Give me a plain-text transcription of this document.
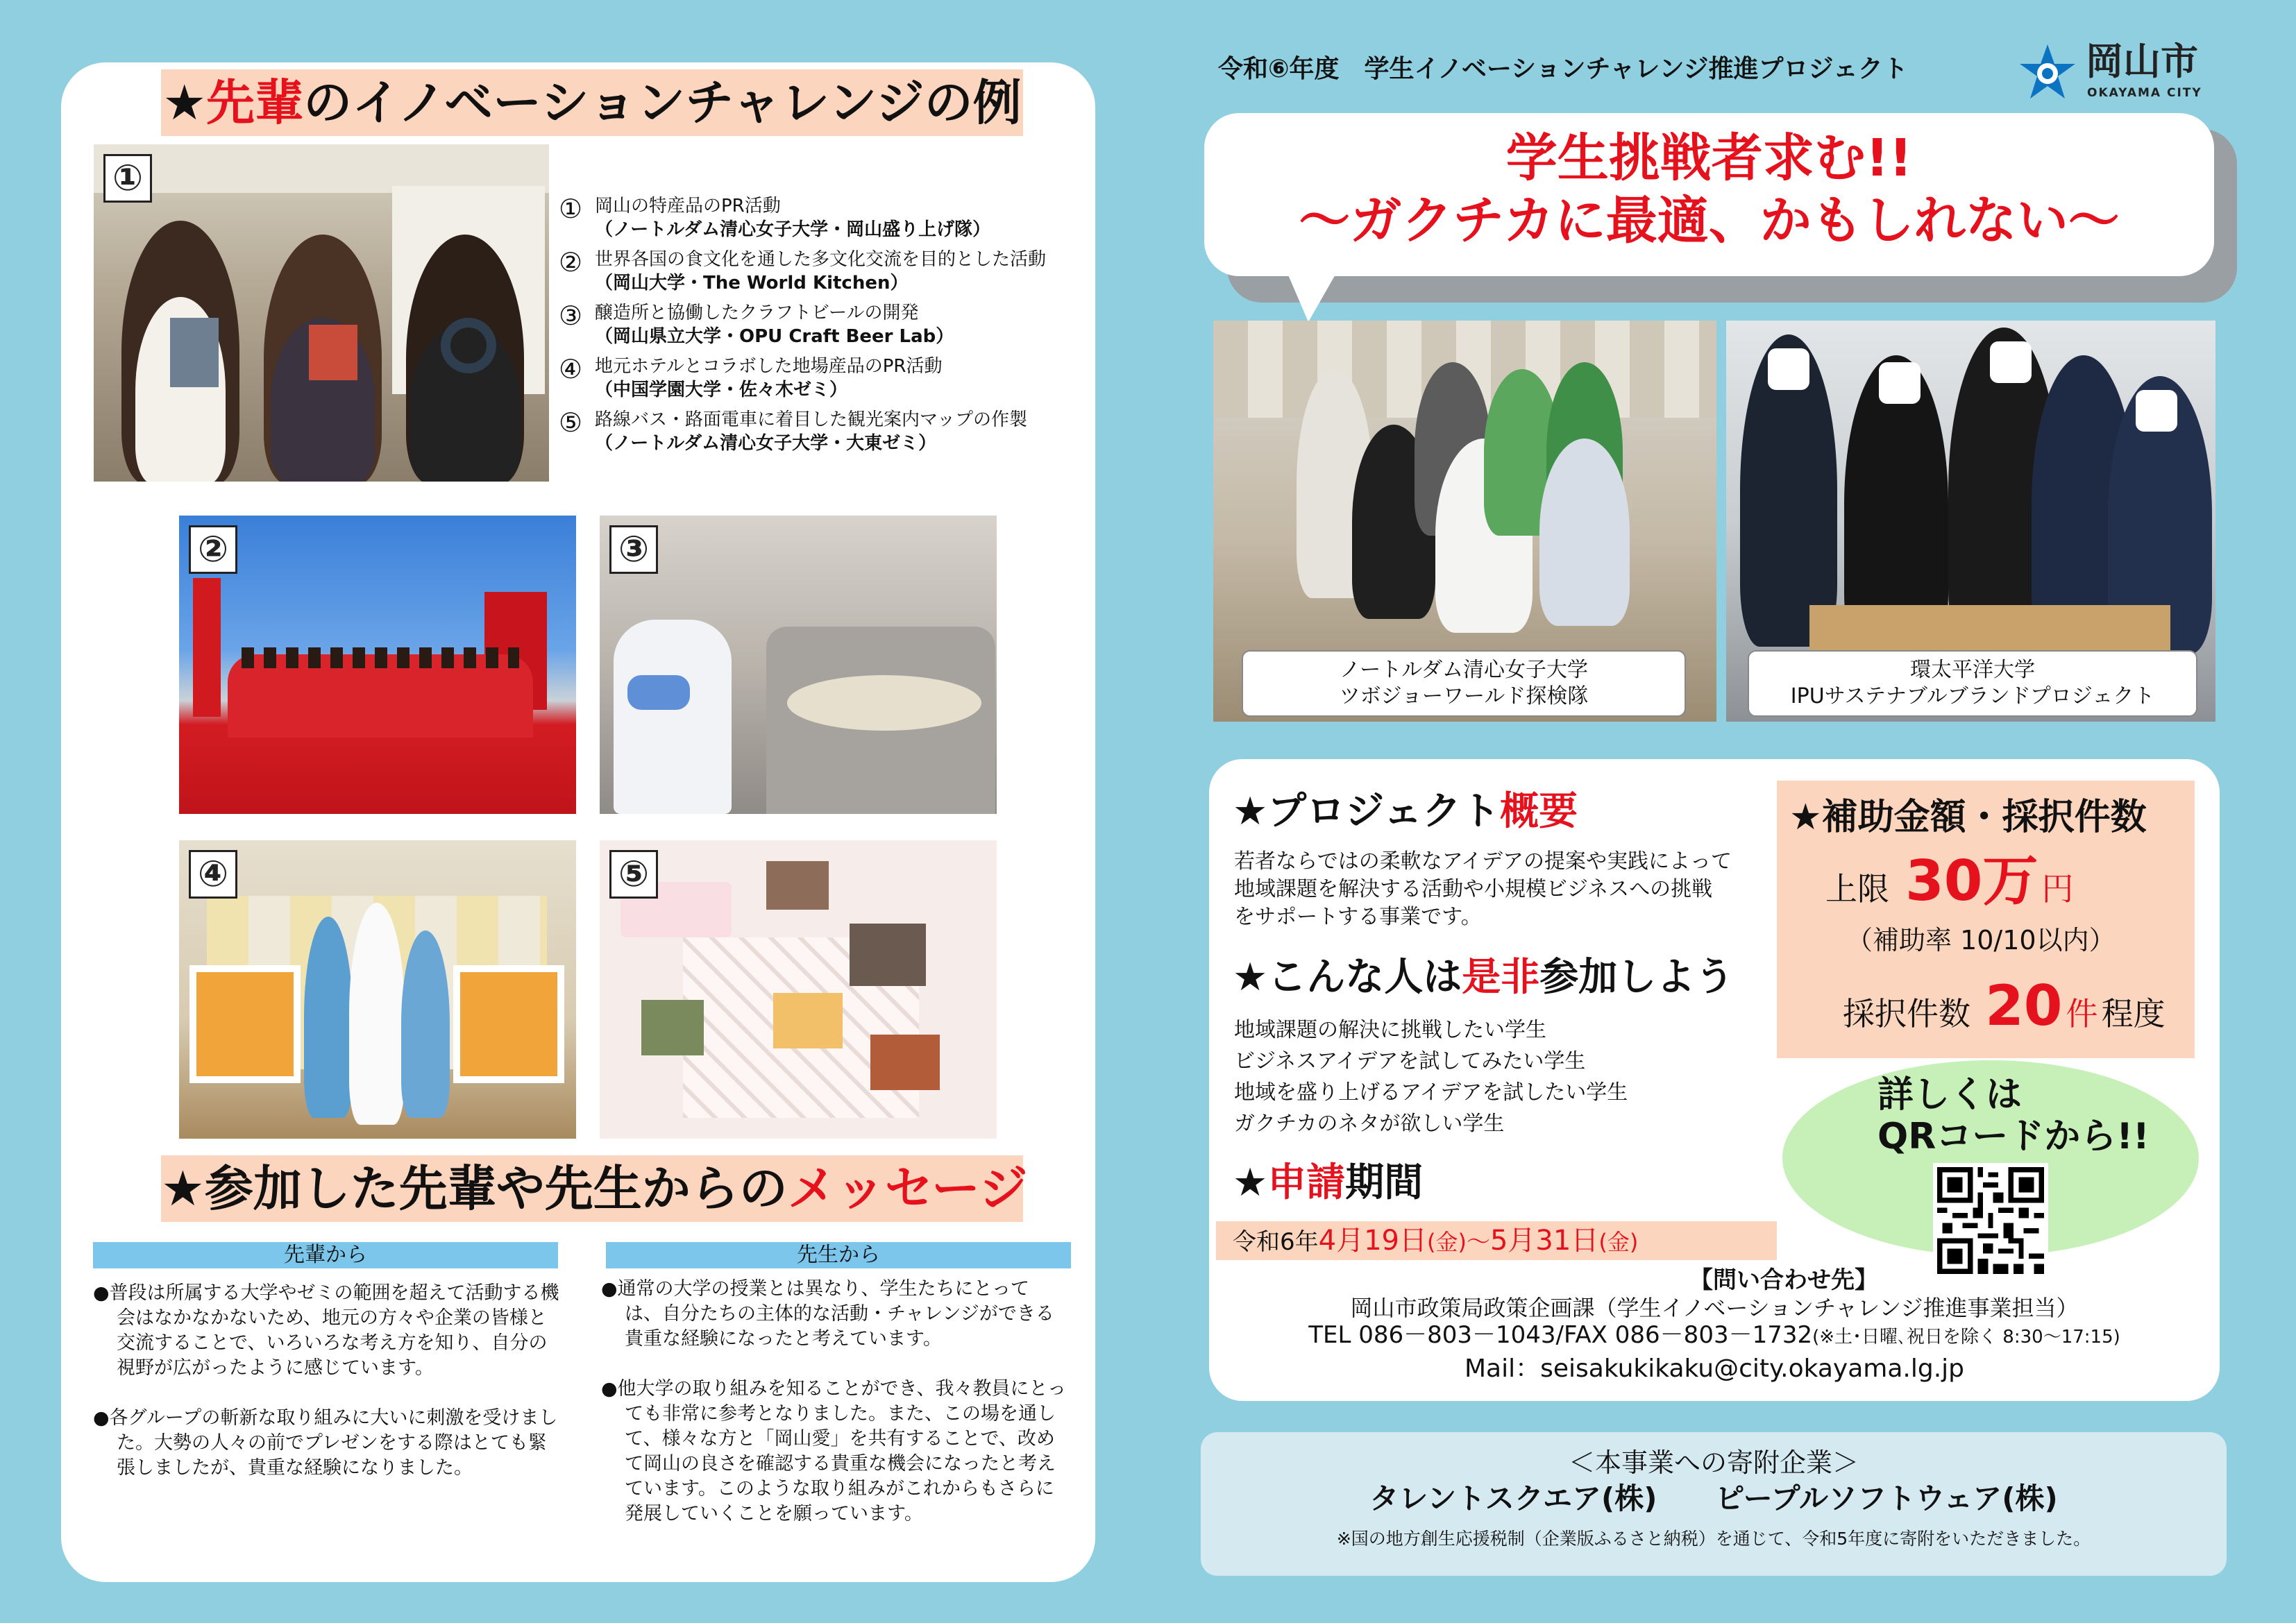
★先輩のイノベーションチャレンジの例
①
① 岡山の特産品のPR活動
（ノートルダム清心女子大学・岡山盛り上げ隊）
② 世界各国の食文化を通した多文化交流を目的とした活動
（岡山大学・The World Kitchen）
③ 醸造所と協働したクラフトビールの開発
（岡山県立大学・OPU Craft Beer Lab）
④ 地元ホテルとコラボした地場産品のPR活動
（中国学園大学・佐々木ゼミ）
⑤ 路線バス・路面電車に着目した観光案内マップの作製
（ノートルダム清心女子大学・大東ゼミ）
②	③
④	⑤
★参加した先輩や先生からのメッセージ
先輩から

●普段は所属する大学やゼミの範囲を超えて活動する機会はなかなかないため、地元の方々や企業の皆様と交流することで、いろいろな考え方を知り、自分の視野が広がったように感じています。

●各グループの斬新な取り組みに大いに刺激を受けました。大勢の人々の前でプレゼンをする際はとても緊張しましたが、貴重な経験になりました。

先生から

●通常の大学の授業とは異なり、学生たちにとっては、自分たちの主体的な活動・チャレンジができる貴重な経験になったと考えています。

●他大学の取り組みを知ることができ、我々教員にとっても非常に参考となりました。また、この場を通して、様々な方と「岡山愛」を共有することで、改めて岡山の良さを確認する貴重な機会になったと考えています。このような取り組みがこれからもさらに発展していくことを願っています。

令和⑥年度　学生イノベーションチャレンジ推進プロジェクト	岡山市
OKAYAMA CITY
学生挑戦者求む!!
～ガクチカに最適、かもしれない～
ノートルダム清心女子大学
ツボジョーワールド探検隊
環太平洋大学
IPUサステナブルブランドプロジェクト
★プロジェクト概要
若者ならではの柔軟なアイデアの提案や実践によって
地域課題を解決する活動や小規模ビジネスへの挑戦
をサポートする事業です。
★こんな人は是非参加しよう
地域課題の解決に挑戦したい学生
ビジネスアイデアを試してみたい学生
地域を盛り上げるアイデアを試したい学生
ガクチカのネタが欲しい学生
★申請期間
令和6年4月19日(金)～5月31日(金)
★補助金額・採択件数
上限 30万 円
（補助率 10/10以内）
採択件数 20 件 程度
詳しくは
QRコードから!!
【問い合わせ先】
岡山市政策局政策企画課（学生イノベーションチャレンジ推進事業担当）
TEL 086－803－1043/FAX 086－803－1732(※土･日曜､祝日を除く 8:30～17:15)
Mail：seisakukikaku@city.okayama.lg.jp
＜本事業への寄附企業＞
タレントスクエア(株)　　ピープルソフトウェア(株)
※国の地方創生応援税制（企業版ふるさと納税）を通じて、令和5年度に寄附をいただきました。
